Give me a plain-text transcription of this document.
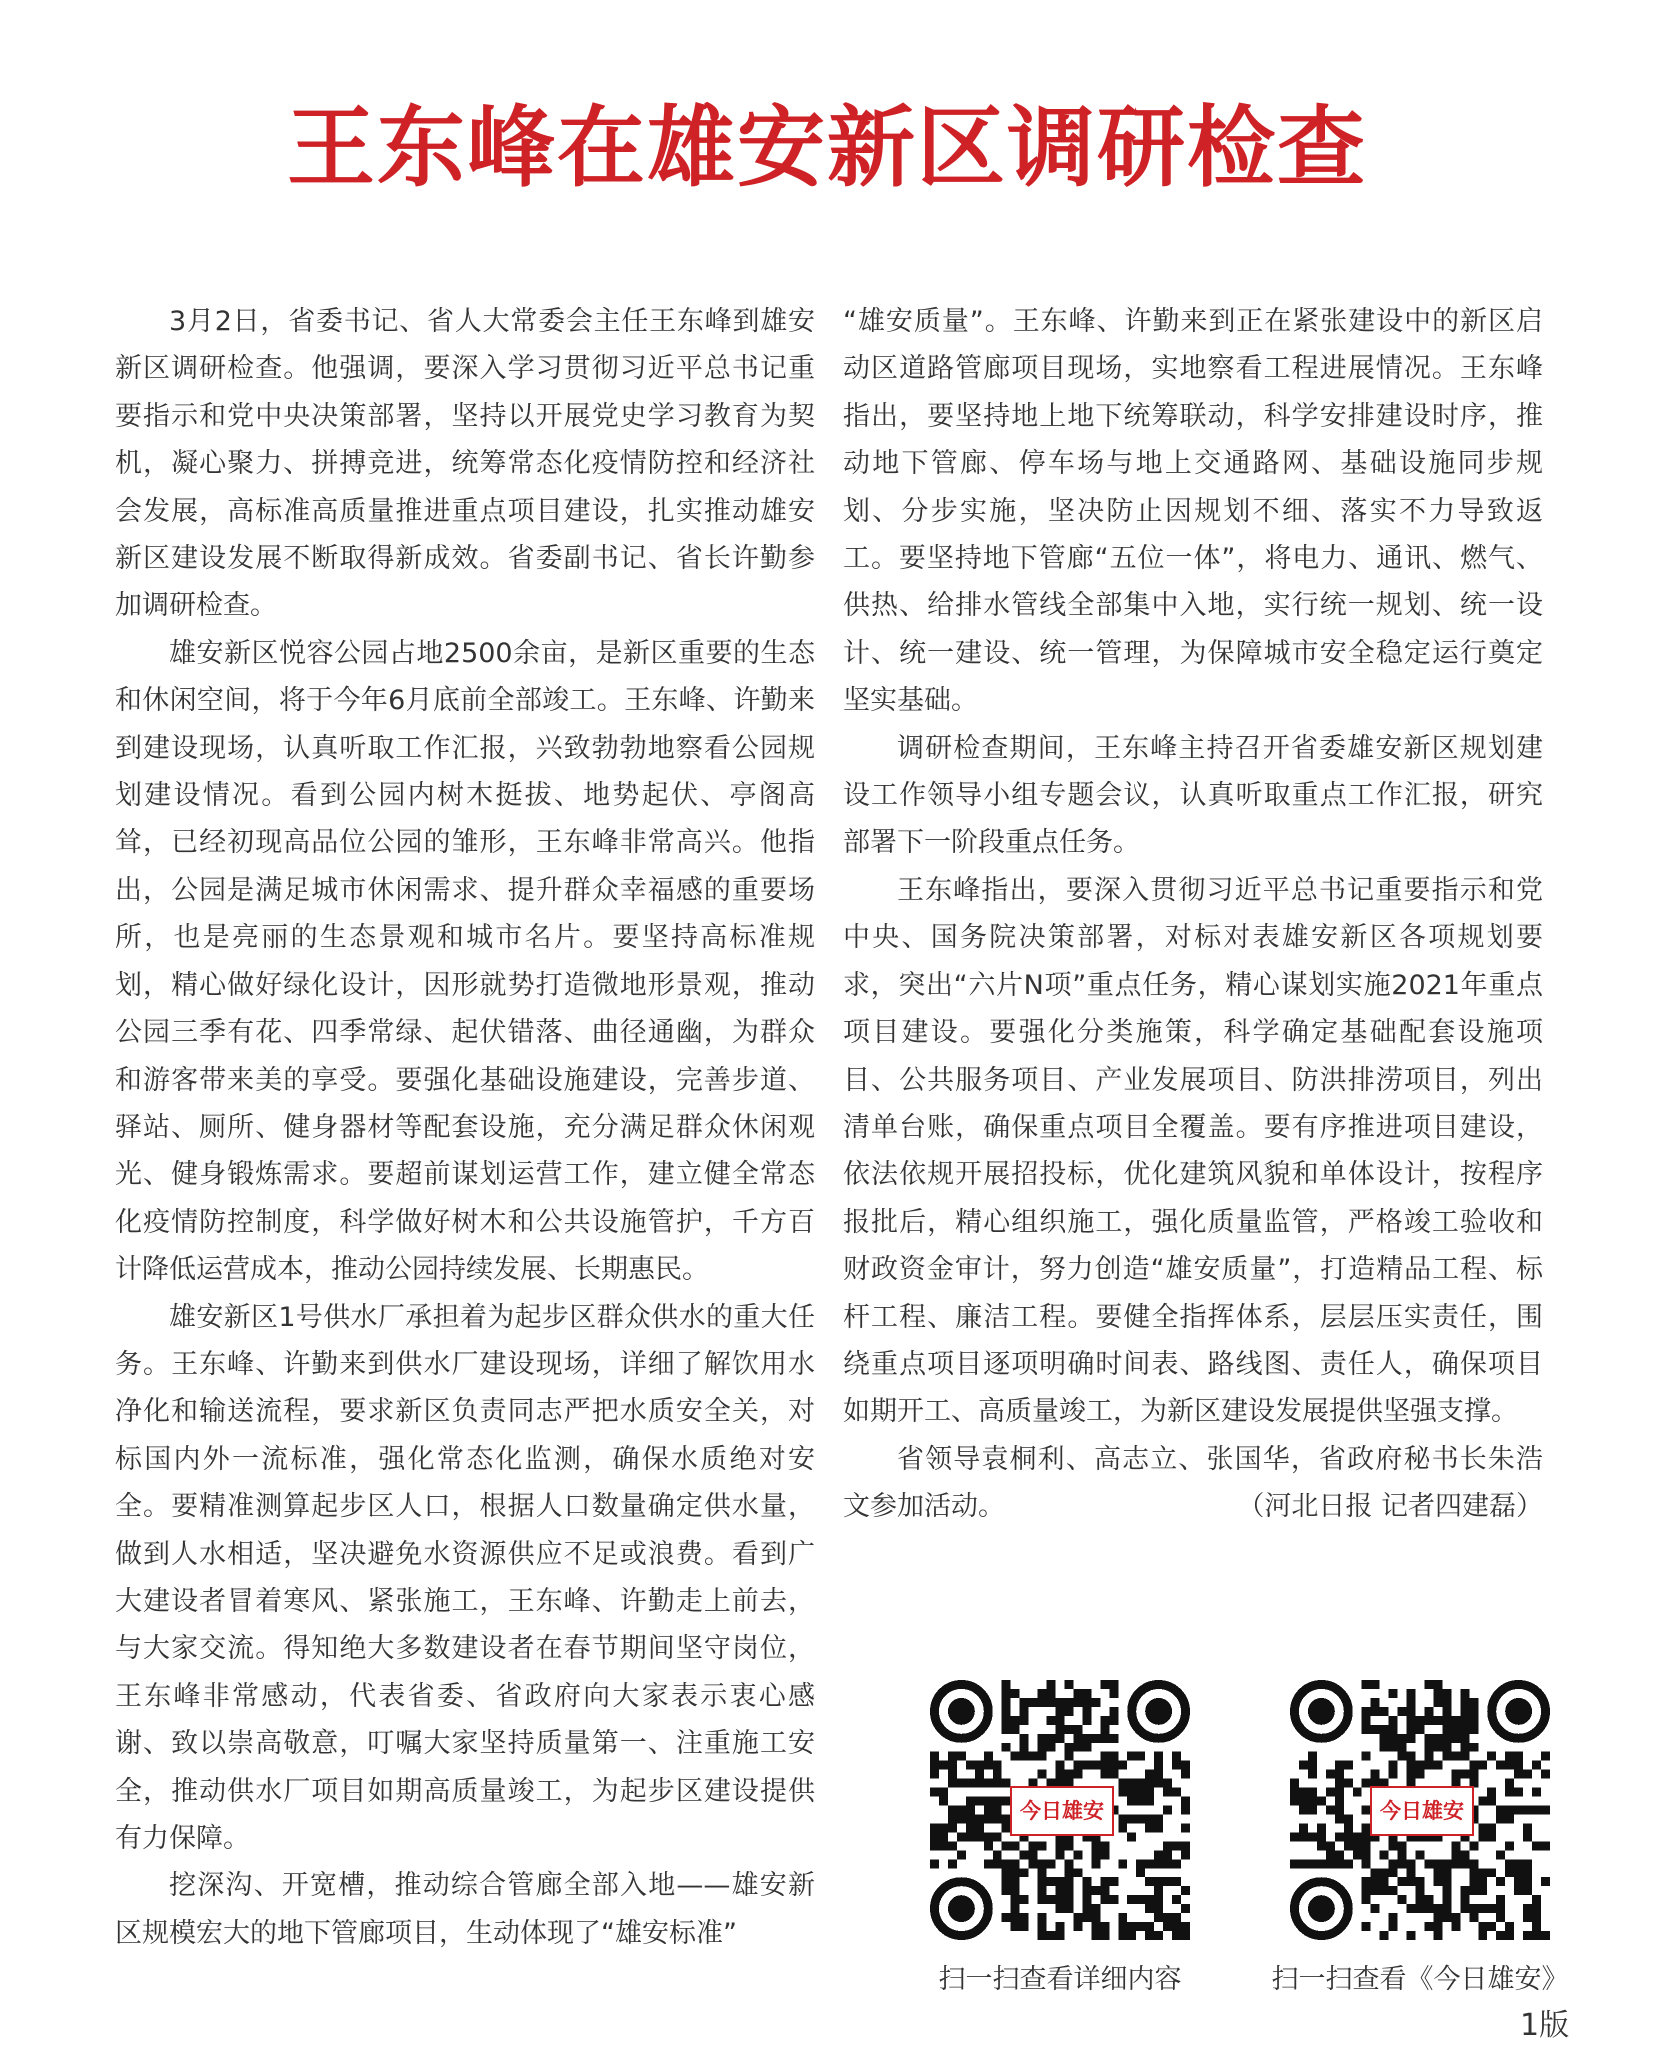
王东峰在雄安新区调研检查

3月2日，省委书记、省人大常委会主任王东峰到雄安新区调研检查。他强调，要深入学习贯彻习近平总书记重要指示和党中央决策部署，坚持以开展党史学习教育为契机，凝心聚力、拼搏竞进，统筹常态化疫情防控和经济社会发展，高标准高质量推进重点项目建设，扎实推动雄安新区建设发展不断取得新成效。省委副书记、省长许勤参加调研检查。

雄安新区悦容公园占地2500余亩，是新区重要的生态和休闲空间，将于今年6月底前全部竣工。王东峰、许勤来到建设现场，认真听取工作汇报，兴致勃勃地察看公园规划建设情况。看到公园内树木挺拔、地势起伏、亭阁高耸，已经初现高品位公园的雏形，王东峰非常高兴。他指出，公园是满足城市休闲需求、提升群众幸福感的重要场所，也是亮丽的生态景观和城市名片。要坚持高标准规划，精心做好绿化设计，因形就势打造微地形景观，推动公园三季有花、四季常绿、起伏错落、曲径通幽，为群众和游客带来美的享受。要强化基础设施建设，完善步道、驿站、厕所、健身器材等配套设施，充分满足群众休闲观光、健身锻炼需求。要超前谋划运营工作，建立健全常态化疫情防控制度，科学做好树木和公共设施管护，千方百计降低运营成本，推动公园持续发展、长期惠民。

雄安新区1号供水厂承担着为起步区群众供水的重大任务。王东峰、许勤来到供水厂建设现场，详细了解饮用水净化和输送流程，要求新区负责同志严把水质安全关，对标国内外一流标准，强化常态化监测，确保水质绝对安全。要精准测算起步区人口，根据人口数量确定供水量，做到人水相适，坚决避免水资源供应不足或浪费。看到广大建设者冒着寒风、紧张施工，王东峰、许勤走上前去，与大家交流。得知绝大多数建设者在春节期间坚守岗位，王东峰非常感动，代表省委、省政府向大家表示衷心感谢、致以崇高敬意，叮嘱大家坚持质量第一、注重施工安全，推动供水厂项目如期高质量竣工，为起步区建设提供有力保障。

挖深沟、开宽槽，推动综合管廊全部入地——雄安新区规模宏大的地下管廊项目，生动体现了“雄安标准”

“雄安质量”。王东峰、许勤来到正在紧张建设中的新区启动区道路管廊项目现场，实地察看工程进展情况。王东峰指出，要坚持地上地下统筹联动，科学安排建设时序，推动地下管廊、停车场与地上交通路网、基础设施同步规划、分步实施，坚决防止因规划不细、落实不力导致返工。要坚持地下管廊“五位一体”，将电力、通讯、燃气、供热、给排水管线全部集中入地，实行统一规划、统一设计、统一建设、统一管理，为保障城市安全稳定运行奠定坚实基础。

调研检查期间，王东峰主持召开省委雄安新区规划建设工作领导小组专题会议，认真听取重点工作汇报，研究部署下一阶段重点任务。

王东峰指出，要深入贯彻习近平总书记重要指示和党中央、国务院决策部署，对标对表雄安新区各项规划要求，突出“六片N项”重点任务，精心谋划实施2021年重点项目建设。要强化分类施策，科学确定基础配套设施项目、公共服务项目、产业发展项目、防洪排涝项目，列出清单台账，确保重点项目全覆盖。要有序推进项目建设，依法依规开展招投标，优化建筑风貌和单体设计，按程序报批后，精心组织施工，强化质量监管，严格竣工验收和财政资金审计，努力创造“雄安质量”，打造精品工程、标杆工程、廉洁工程。要健全指挥体系，层层压实责任，围绕重点项目逐项明确时间表、路线图、责任人，确保项目如期开工、高质量竣工，为新区建设发展提供坚强支撑。

省领导袁桐利、高志立、张国华，省政府秘书长朱浩文参加活动。	（河北日报 记者四建磊）

今日雄安	今日雄安
扫一扫查看详细内容	扫一扫查看《今日雄安》
1版
